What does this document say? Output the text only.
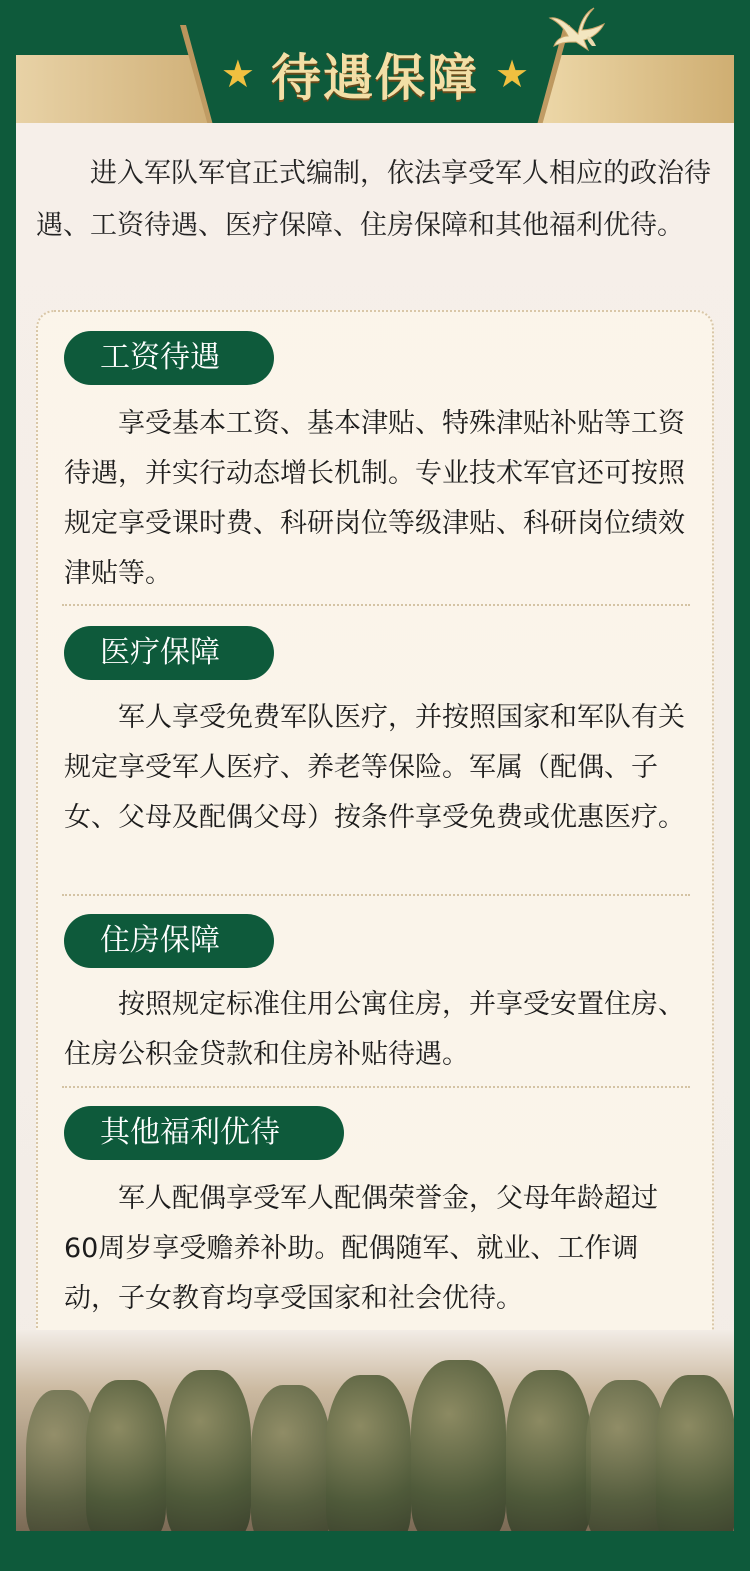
★ 待遇保障 ★
进入军队军官正式编制，依法享受军人相应的政治待遇、工资待遇、医疗保障、住房保障和其他福利优待。
工资待遇
享受基本工资、基本津贴、特殊津贴补贴等工资待遇，并实行动态增长机制。专业技术军官还可按照规定享受课时费、科研岗位等级津贴、科研岗位绩效津贴等。
医疗保障
军人享受免费军队医疗，并按照国家和军队有关规定享受军人医疗、养老等保险。军属（配偶、子女、父母及配偶父母）按条件享受免费或优惠医疗。
住房保障
按照规定标准住用公寓住房，并享受安置住房、住房公积金贷款和住房补贴待遇。
其他福利优待
军人配偶享受军人配偶荣誉金，父母年龄超过60周岁享受赡养补助。配偶随军、就业、工作调动，子女教育均享受国家和社会优待。
